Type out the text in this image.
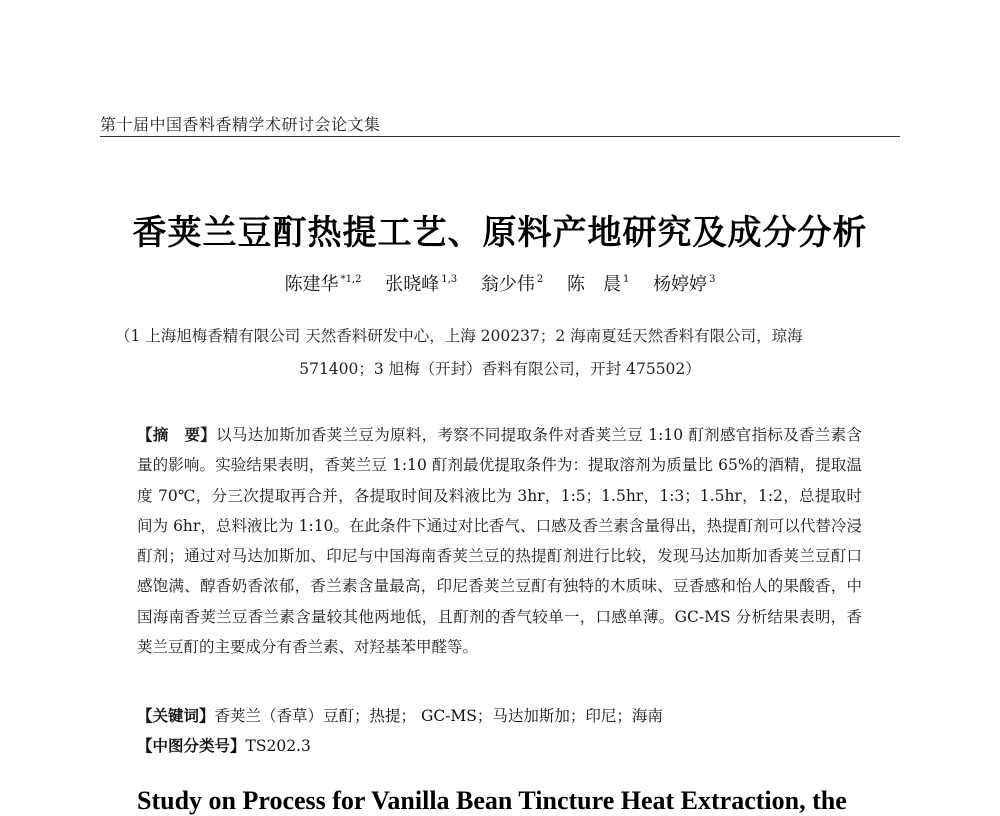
第十届中国香料香精学术研讨会论文集
香荚兰豆酊热提工艺、原料产地研究及成分分析
陈建华 $^{*1,2}$ 张晓峰 $^{1,3}$ 翁少伟 $^2$ 陈　晨 $^1$ 杨婷婷 $^3$
（1 上海旭梅香精有限公司 天然香料研发中心，上海 200237；2 海南夏廷天然香料有限公司，琼海
571400；3 旭梅（开封）香料有限公司，开封 475502）
【摘　要】以马达加斯加香荚兰豆为原料，考察不同提取条件对香荚兰豆 1:10 酊剂感官指标及香兰素含量的影响。实验结果表明，香荚兰豆 1:10 酊剂最优提取条件为：提取溶剂为质量比 65%的酒精，提取温度 70℃，分三次提取再合并，各提取时间及料液比为 3hr，1:5；1.5hr，1:3；1.5hr，1:2，总提取时间为 6hr，总料液比为 1:10。在此条件下通过对比香气、口感及香兰素含量得出，热提酊剂可以代替冷浸酊剂；通过对马达加斯加、印尼与中国海南香荚兰豆的热提酊剂进行比较，发现马达加斯加香荚兰豆酊口感饱满、醇香奶香浓郁，香兰素含量最高，印尼香荚兰豆酊有独特的木质味、豆香感和怡人的果酸香，中国海南香荚兰豆香兰素含量较其他两地低，且酊剂的香气较单一，口感单薄。GC-MS 分析结果表明，香荚兰豆酊的主要成分有香兰素、对羟基苯甲醛等。
【关键词】香荚兰（香草）豆酊；热提； GC-MS；马达加斯加；印尼；海南
【中图分类号】TS202.3
Study on Process for Vanilla Bean Tincture Heat Extraction, the
